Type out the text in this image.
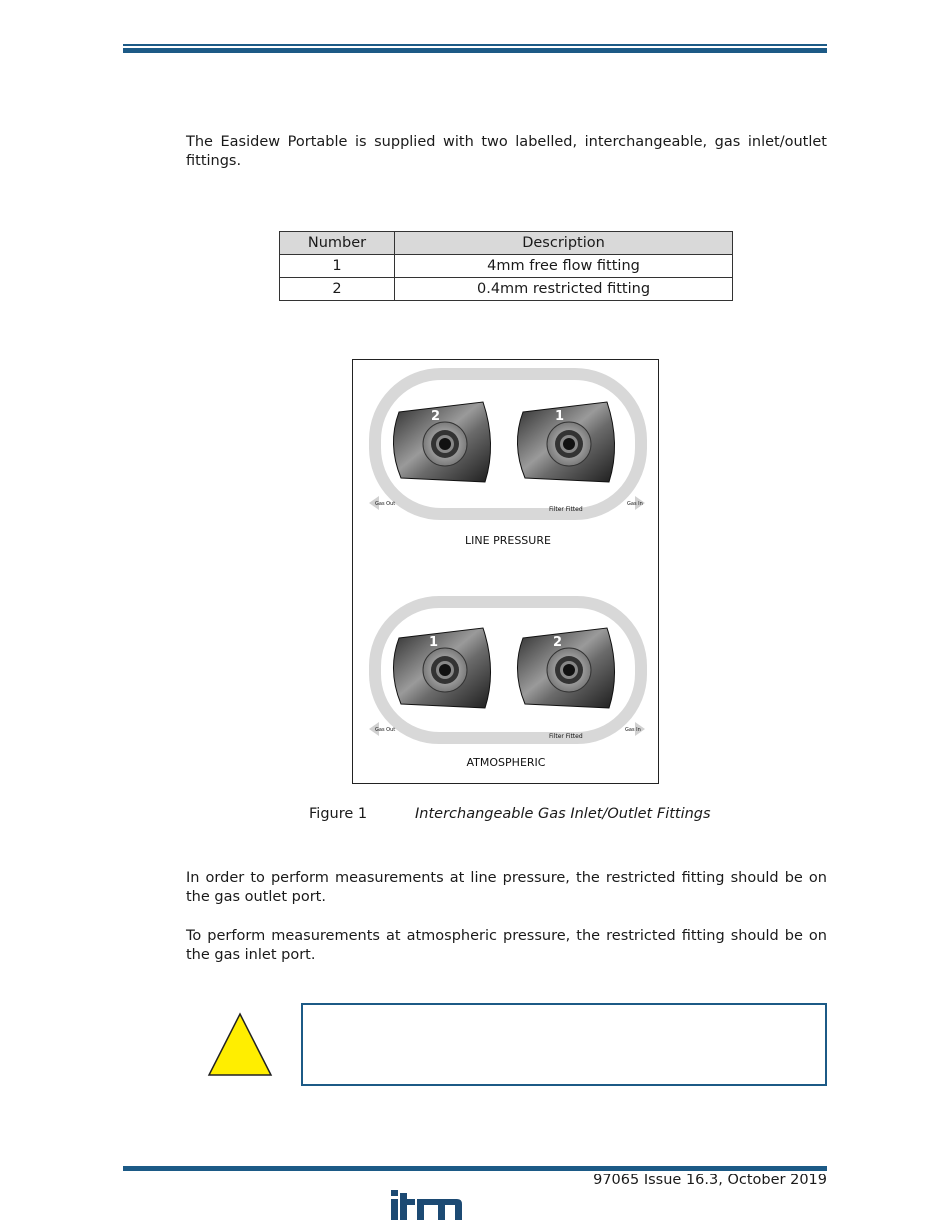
The Easidew Portable is supplied with two labelled, interchangeable, gas inlet/outlet fittings.

Number	Description
1	4mm free flow fitting
2	0.4mm restricted fitting
2	1
Gas Out	Gas In
Filter Fitted
LINE PRESSURE
1	2
Gas Out	Gas In
Filter Fitted
ATMOSPHERIC
Figure 1	Interchangeable Gas Inlet/Outlet Fittings

In order to perform measurements at line pressure, the restricted fitting should be on the gas outlet port.

To perform measurements at atmospheric pressure, the restricted fitting should be on the gas inlet port.

97065 Issue 16.3, October 2019
